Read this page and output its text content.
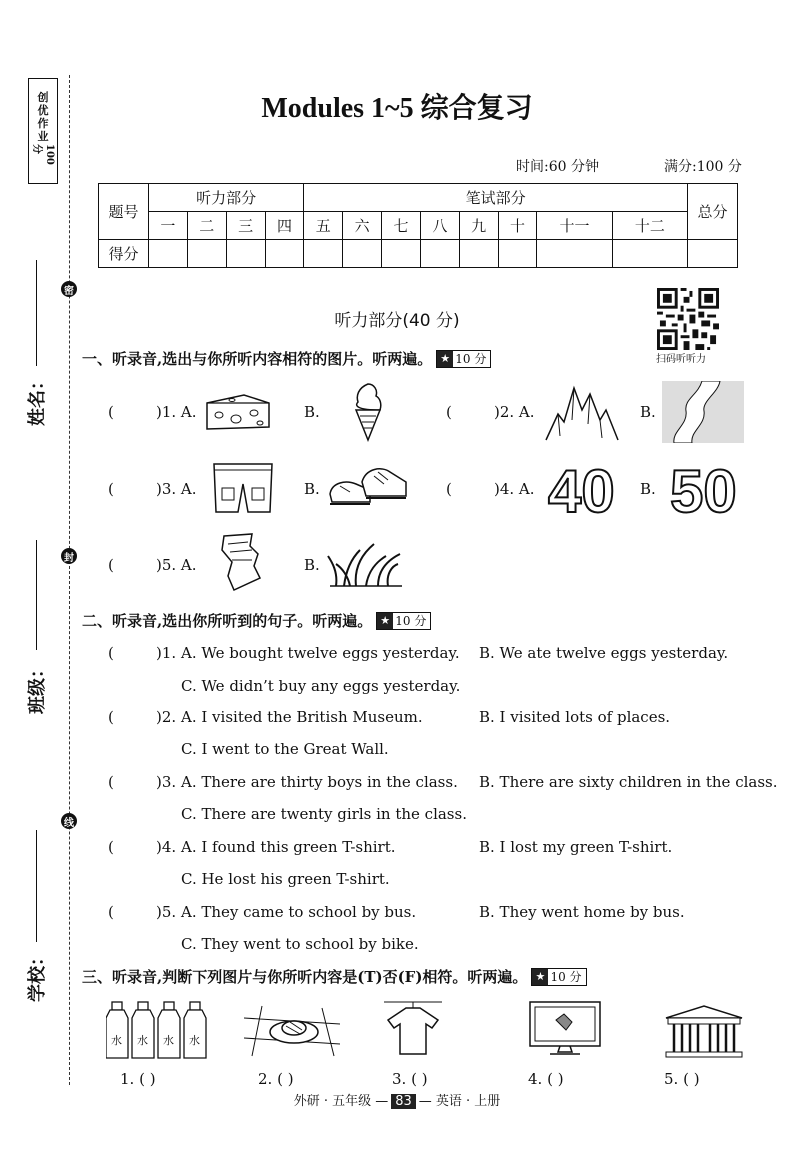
创
优
作
业
100分
密
封
线
姓名：
班级：
学校：
Modules 1~5 综合复习
时间:60 分钟	满分:100 分
题号	听力部分				笔试部分								总分
	一	二	三	四	五	六	七	八	九	十	十一	十二	
得分													
听力部分(40 分)
扫码听听力
一、听录音,选出与你所听内容相符的图片。听两遍。 ★ 10 分
(	)1. A.	B.	(	)2. A.	B.
(	)3. A.	B.	(	)4. A. 40 B. 50
(	)5. A.	B.
二、听录音,选出你所听到的句子。听两遍。 ★ 10 分
(	)1. A. We bought twelve eggs yesterday. B. We ate twelve eggs yesterday.
C. We didn’t buy any eggs yesterday.
(	)2. A. I visited the British Museum.	B. I visited lots of places.
C. I went to the Great Wall.
(	)3. A. There are thirty boys in the class. B. There are sixty children in the class.
C. There are twenty girls in the class.
(	)4. A. I found this green T-shirt.	B. I lost my green T-shirt.
C. He lost his green T-shirt.
(	)5. A. They came to school by bus.	B. They went home by bus.
C. They went to school by bike.
三、听录音,判断下列图片与你所听内容是(T)否(F)相符。听两遍。 ★ 10 分
水 水 水 水
1. ( )	2. ( )	3. ( )	4. ( )	5. ( )
外研 · 五年级 — 83 — 英语 · 上册
